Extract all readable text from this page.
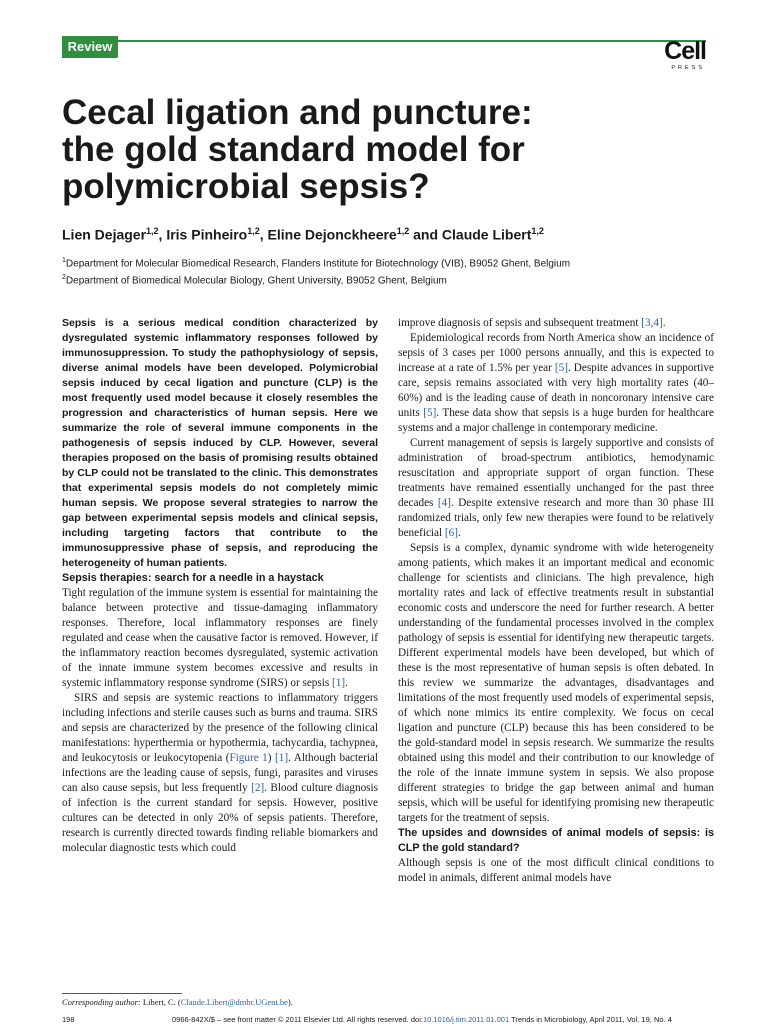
Review	Cell
PRESS
Cecal ligation and puncture:
the gold standard model for
polymicrobial sepsis?
Lien Dejager$^{1,2}$, Iris Pinheiro$^{1,2}$, Eline Dejonckheere$^{1,2}$ and Claude Libert$^{1,2}$
$^1$Department for Molecular Biomedical Research, Flanders Institute for Biotechnology (VIB), B9052 Ghent, Belgium
$^2$Department of Biomedical Molecular Biology, Ghent University, B9052 Ghent, Belgium

Sepsis is a serious medical condition characterized by dysregulated systemic inflammatory responses followed by immunosuppression. To study the pathophysiology of sepsis, diverse animal models have been developed. Polymicrobial sepsis induced by cecal ligation and puncture (CLP) is the most frequently used model because it closely resembles the progression and characteristics of human sepsis. Here we summarize the role of several immune components in the pathogenesis of sepsis induced by CLP. However, several therapies proposed on the basis of promising results obtained by CLP could not be translated to the clinic. This demonstrates that experimental sepsis models do not completely mimic human sepsis. We propose several strategies to narrow the gap between experimental sepsis models and clinical sepsis, including targeting factors that contribute to the immunosuppressive phase of sepsis, and reproducing the heterogeneity of human patients.

Sepsis therapies: search for a needle in a haystack

Tight regulation of the immune system is essential for maintaining the balance between protective and tissue-damaging inflammatory responses. Therefore, local inflammatory responses are finely regulated and cease when the causative factor is removed. However, if the inflammatory reaction becomes dysregulated, systemic activation of the innate immune system becomes excessive and results in systemic inflammatory response syndrome (SIRS) or sepsis [1].

SIRS and sepsis are systemic reactions to inflammatory triggers including infections and sterile causes such as burns and trauma. SIRS and sepsis are characterized by the presence of the following clinical manifestations: hyperthermia or hypothermia, tachycardia, tachypnea, and leukocytosis or leukocytopenia (Figure 1) [1]. Although bacterial infections are the leading cause of sepsis, fungi, parasites and viruses can also cause sepsis, but less frequently [2]. Blood culture diagnosis of infection is the current standard for sepsis. However, positive cultures can be detected in only 20% of sepsis patients. Therefore, research is currently directed towards finding reliable biomarkers and molecular diagnostic tests which could

improve diagnosis of sepsis and subsequent treatment [3,4].

Epidemiological records from North America show an incidence of sepsis of 3 cases per 1000 persons annually, and this is expected to increase at a rate of 1.5% per year [5]. Despite advances in supportive care, sepsis remains associated with very high mortality rates (40–60%) and is the leading cause of death in noncoronary intensive care units [5]. These data show that sepsis is a huge burden for healthcare systems and a major challenge in contemporary medicine.

Current management of sepsis is largely supportive and consists of administration of broad-spectrum antibiotics, hemodynamic resuscitation and appropriate support of organ function. These treatments have remained essentially unchanged for the past three decades [4]. Despite extensive research and more than 30 phase III randomized trials, only few new therapies were found to be relatively beneficial [6].

Sepsis is a complex, dynamic syndrome with wide heterogeneity among patients, which makes it an important medical and economic challenge for scientists and clinicians. The high prevalence, high mortality rates and lack of effective treatments result in substantial economic costs and underscore the need for further research. A better understanding of the fundamental processes involved in the complex pathology of sepsis is essential for identifying new therapeutic targets. Different experimental models have been developed, but which of these is the most representative of human sepsis is often debated. In this review we summarize the advantages, disadvantages and limitations of the most frequently used models of experimental sepsis, of which none mimics its entire complexity. We focus on cecal ligation and puncture (CLP) because this has been considered to be the gold-standard model in sepsis research. We summarize the results obtained using this model and their contribution to our knowledge of the role of the innate immune system in sepsis. We also propose different strategies to bridge the gap between animal and human sepsis, which will be useful for identifying promising new therapeutic targets for the treatment of sepsis.

The upsides and downsides of animal models of sepsis: is CLP the gold standard?

Although sepsis is one of the most difficult clinical conditions to model in animals, different animal models have

Corresponding author: Libert, C. (Claude.Libert@dmbr.UGent.be).
198	0966-842X/$ – see front matter © 2011 Elsevier Ltd. All rights reserved. doi:10.1016/j.tim.2011.01.001 Trends in Microbiology, April 2011, Vol. 19, No. 4
